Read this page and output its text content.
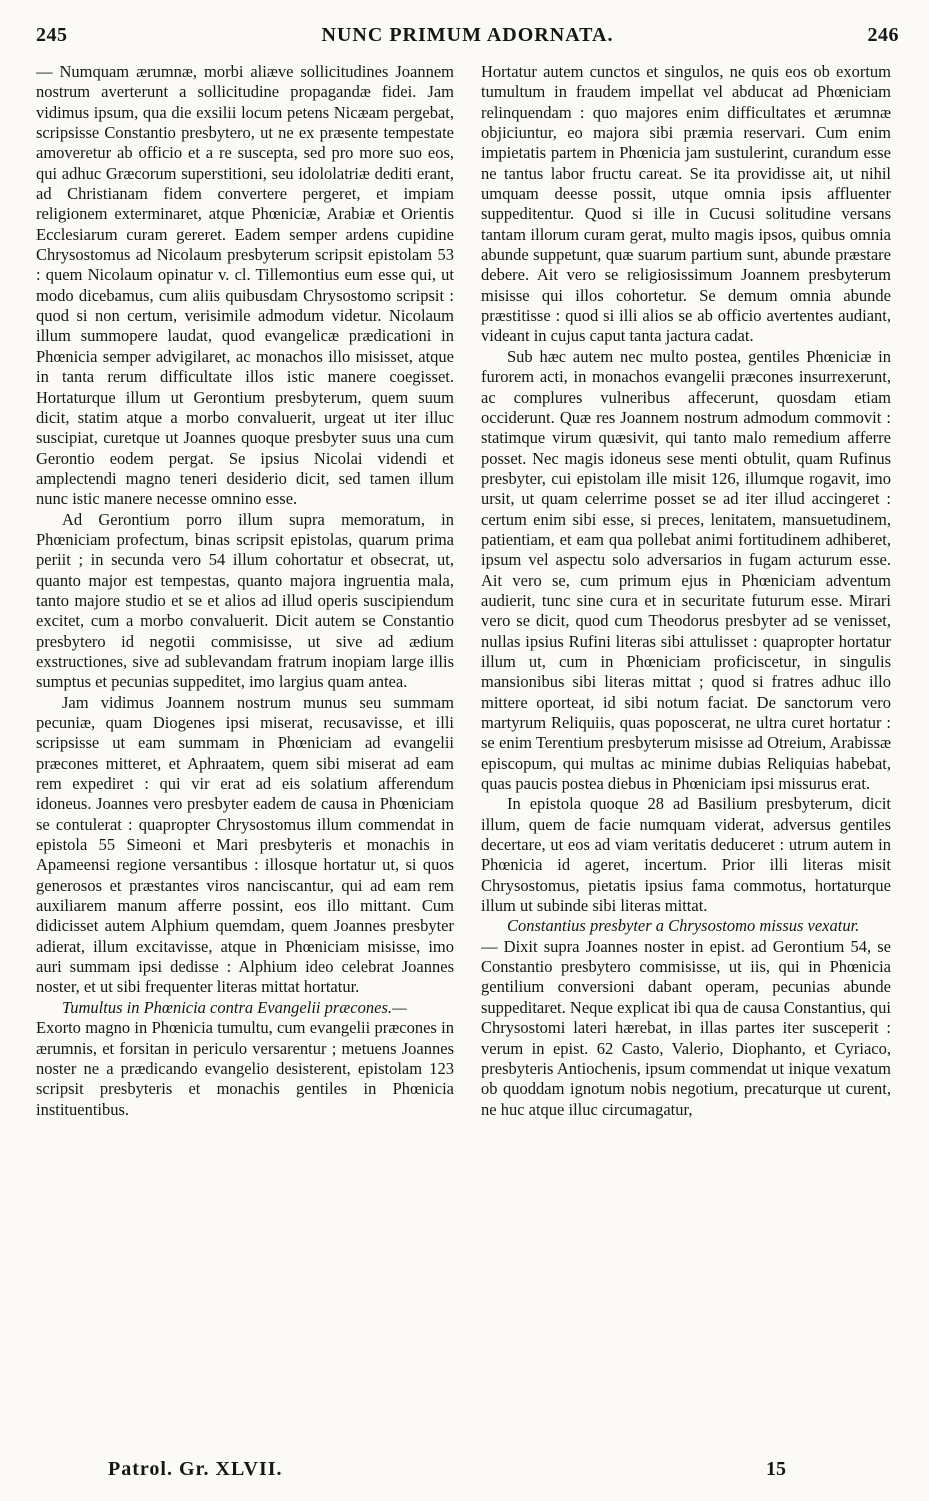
245	NUNC PRIMUM ADORNATA.	246

— Numquam ærumnæ, morbi aliæve sollicitudines Joannem nostrum averterunt a sollicitudine propagandæ fidei. Jam vidimus ipsum, qua die exsilii locum petens Nicæam pergebat, scripsisse Constantio presbytero, ut ne ex præsente tempestate amoveretur ab officio et a re suscepta, sed pro more suo eos, qui adhuc Græcorum superstitioni, seu idololatriæ dediti erant, ad Christianam fidem convertere pergeret, et impiam religionem exterminaret, atque Phœniciæ, Arabiæ et Orientis Ecclesiarum curam gereret. Eadem semper ardens cupidine Chrysostomus ad Nicolaum presbyterum scripsit epistolam 53 : quem Nicolaum opinatur v. cl. Tillemontius eum esse qui, ut modo dicebamus, cum aliis quibusdam Chrysostomo scripsit : quod si non certum, verisimile admodum videtur. Nicolaum illum summopere laudat, quod evangelicæ prædicationi in Phœnicia semper advigilaret, ac monachos illo misisset, atque in tanta rerum difficultate illos istic manere coegisset. Hortaturque illum ut Gerontium presbyterum, quem suum dicit, statim atque a morbo convaluerit, urgeat ut iter illuc suscipiat, curetque ut Joannes quoque presbyter suus una cum Gerontio eodem pergat. Se ipsius Nicolai videndi et amplectendi magno teneri desiderio dicit, sed tamen illum nunc istic manere necesse omnino esse.

Ad Gerontium porro illum supra memoratum, in Phœniciam profectum, binas scripsit epistolas, quarum prima periit ; in secunda vero 54 illum cohortatur et obsecrat, ut, quanto major est tempestas, quanto majora ingruentia mala, tanto majore studio et se et alios ad illud operis suscipiendum excitet, cum a morbo convaluerit. Dicit autem se Constantio presbytero id negotii commisisse, ut sive ad ædium exstructiones, sive ad sublevandam fratrum inopiam large illis sumptus et pecunias suppeditet, imo largius quam antea.

Jam vidimus Joannem nostrum munus seu summam pecuniæ, quam Diogenes ipsi miserat, recusavisse, et illi scripsisse ut eam summam in Phœniciam ad evangelii præcones mitteret, et Aphraatem, quem sibi miserat ad eam rem expediret : qui vir erat ad eis solatium afferendum idoneus. Joannes vero presbyter eadem de causa in Phœniciam se contulerat : quapropter Chrysostomus illum commendat in epistola 55 Simeoni et Mari presbyteris et monachis in Apameensi regione versantibus : illosque hortatur ut, si quos generosos et præstantes viros nanciscantur, qui ad eam rem auxiliarem manum afferre possint, eos illo mittant. Cum didicisset autem Alphium quemdam, quem Joannes presbyter adierat, illum excitavisse, atque in Phœniciam misisse, imo auri summam ipsi dedisse : Alphium ideo celebrat Joannes noster, et ut sibi frequenter literas mittat hortatur.

Tumultus in Phœnicia contra Evangelii præcones.—

Exorto magno in Phœnicia tumultu, cum evangelii præcones in ærumnis, et forsitan in periculo versarentur ; metuens Joannes noster ne a prædicando evangelio desisterent, epistolam 123 scripsit presbyteris et monachis gentiles in Phœnicia instituentibus.

Hortatur autem cunctos et singulos, ne quis eos ob exortum tumultum in fraudem impellat vel abducat ad Phœniciam relinquendam : quo majores enim difficultates et ærumnæ objiciuntur, eo majora sibi præmia reservari. Cum enim impietatis partem in Phœnicia jam sustulerint, curandum esse ne tantus labor fructu careat. Se ita providisse ait, ut nihil umquam deesse possit, utque omnia ipsis affluenter suppeditentur. Quod si ille in Cucusi solitudine versans tantam illorum curam gerat, multo magis ipsos, quibus omnia abunde suppetunt, quæ suarum partium sunt, abunde præstare debere. Ait vero se religiosissimum Joannem presbyterum misisse qui illos cohortetur. Se demum omnia abunde præstitisse : quod si illi alios se ab officio avertentes audiant, videant in cujus caput tanta jactura cadat.

Sub hæc autem nec multo postea, gentiles Phœniciæ in furorem acti, in monachos evangelii præcones insurrexerunt, ac complures vulneribus affecerunt, quosdam etiam occiderunt. Quæ res Joannem nostrum admodum commovit : statimque virum quæsivit, qui tanto malo remedium afferre posset. Nec magis idoneus sese menti obtulit, quam Rufinus presbyter, cui epistolam ille misit 126, illumque rogavit, imo ursit, ut quam celerrime posset se ad iter illud accingeret : certum enim sibi esse, si preces, lenitatem, mansuetudinem, patientiam, et eam qua pollebat animi fortitudinem adhiberet, ipsum vel aspectu solo adversarios in fugam acturum esse. Ait vero se, cum primum ejus in Phœniciam adventum audierit, tunc sine cura et in securitate futurum esse. Mirari vero se dicit, quod cum Theodorus presbyter ad se venisset, nullas ipsius Rufini literas sibi attulisset : quapropter hortatur illum ut, cum in Phœniciam proficiscetur, in singulis mansionibus sibi literas mittat ; quod si fratres adhuc illo mittere oporteat, id sibi notum faciat. De sanctorum vero martyrum Reliquiis, quas poposcerat, ne ultra curet hortatur : se enim Terentium presbyterum misisse ad Otreium, Arabissæ episcopum, qui multas ac minime dubias Reliquias habebat, quas paucis postea diebus in Phœniciam ipsi missurus erat.

In epistola quoque 28 ad Basilium presbyterum, dicit illum, quem de facie numquam viderat, adversus gentiles decertare, ut eos ad viam veritatis deduceret : utrum autem in Phœnicia id ageret, incertum. Prior illi literas misit Chrysostomus, pietatis ipsius fama commotus, hortaturque illum ut subinde sibi literas mittat.

Constantius presbyter a Chrysostomo missus vexatur.

— Dixit supra Joannes noster in epist. ad Gerontium 54, se Constantio presbytero commisisse, ut iis, qui in Phœnicia gentilium conversioni dabant operam, pecunias abunde suppeditaret. Neque explicat ibi qua de causa Constantius, qui Chrysostomi lateri hærebat, in illas partes iter susceperit : verum in epist. 62 Casto, Valerio, Diophanto, et Cyriaco, presbyteris Antiochenis, ipsum commendat ut inique vexatum ob quoddam ignotum nobis negotium, precaturque ut curent, ne huc atque illuc circumagatur,

Patrol. Gr. XLVII.	15
